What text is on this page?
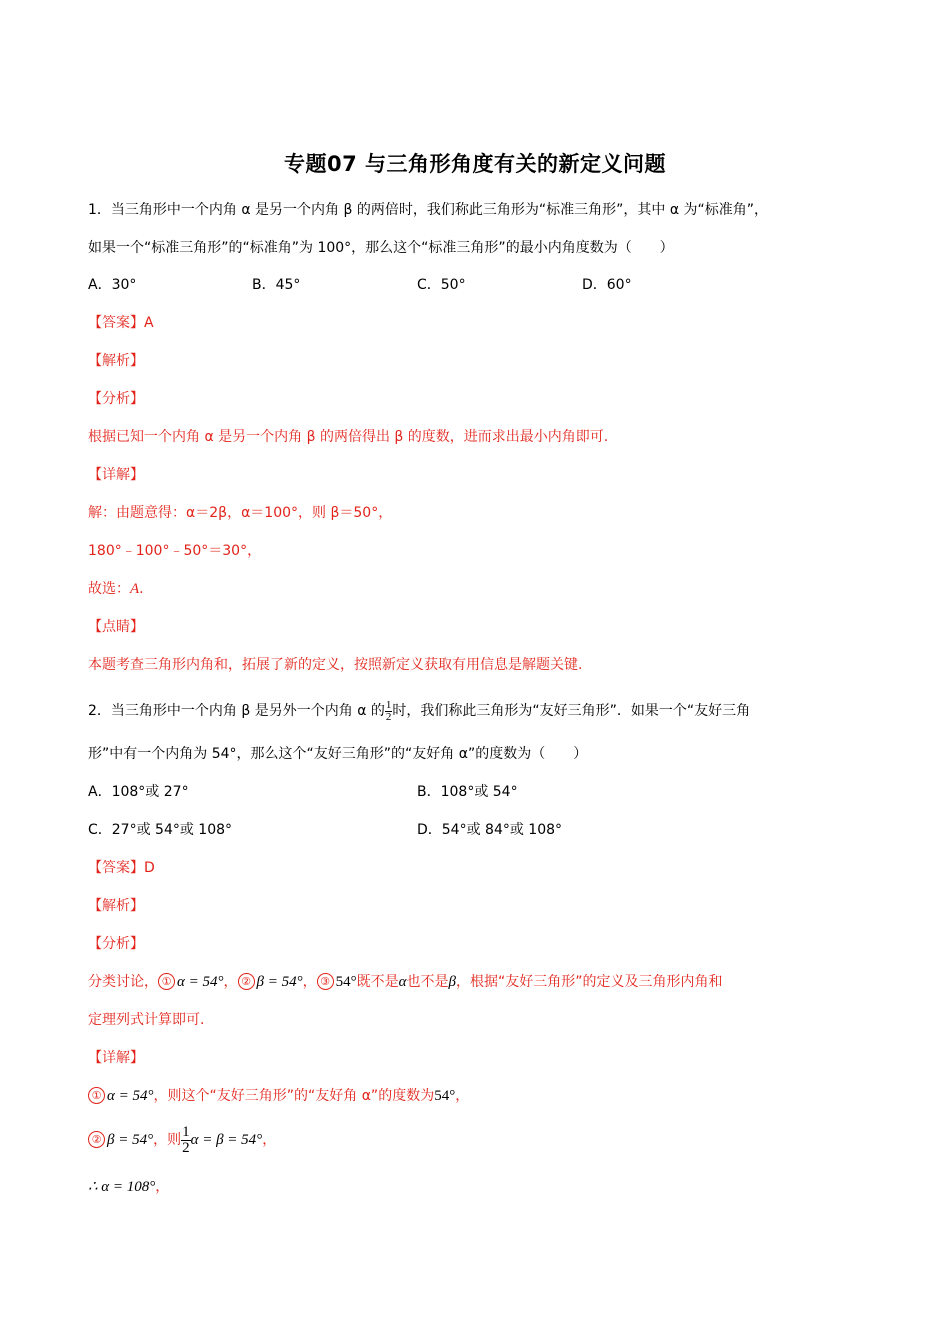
专题07 与三角形角度有关的新定义问题
1．当三角形中一个内角 α 是另一个内角 β 的两倍时，我们称此三角形为“标准三角形”，其中 α 为“标准角”，
如果一个“标准三角形”的“标准角”为 100°，那么这个“标准三角形”的最小内角度数为（　　）
A．30°	B．45°	C．50°	D．60°
【答案】A
【解析】
【分析】
根据已知一个内角 α 是另一个内角 β 的两倍得出 β 的度数，进而求出最小内角即可.
【详解】
解：由题意得：α＝2β，α＝100°，则 β＝50°，
180°﹣100°﹣50°＝30°，
故选：A.
【点睛】
本题考查三角形内角和，拓展了新的定义，按照新定义获取有用信息是解题关键.
2．当三角形中一个内角 β 是另外一个内角 α 的 $\frac{1}{2}$ 时，我们称此三角形为“友好三角形”．如果一个“友好三角
形”中有一个内角为 54°，那么这个“友好三角形”的“友好角 α”的度数为（　　）
A．108°或 27°	B．108°或 54°
C．27°或 54°或 108°	D．54°或 84°或 108°
【答案】D
【解析】
【分析】
分类讨论， ① α = 54°， ② β = 54°， ③ 54°既不是α也不是β，根据“友好三角形”的定义及三角形内角和
定理列式计算即可.
【详解】
① α = 54°，则这个“友好三角形”的“友好角 α”的度数为54°，
② β = 54°，则 $\frac{1}{2}$ α = β = 54°，
∴ α = 108°，
